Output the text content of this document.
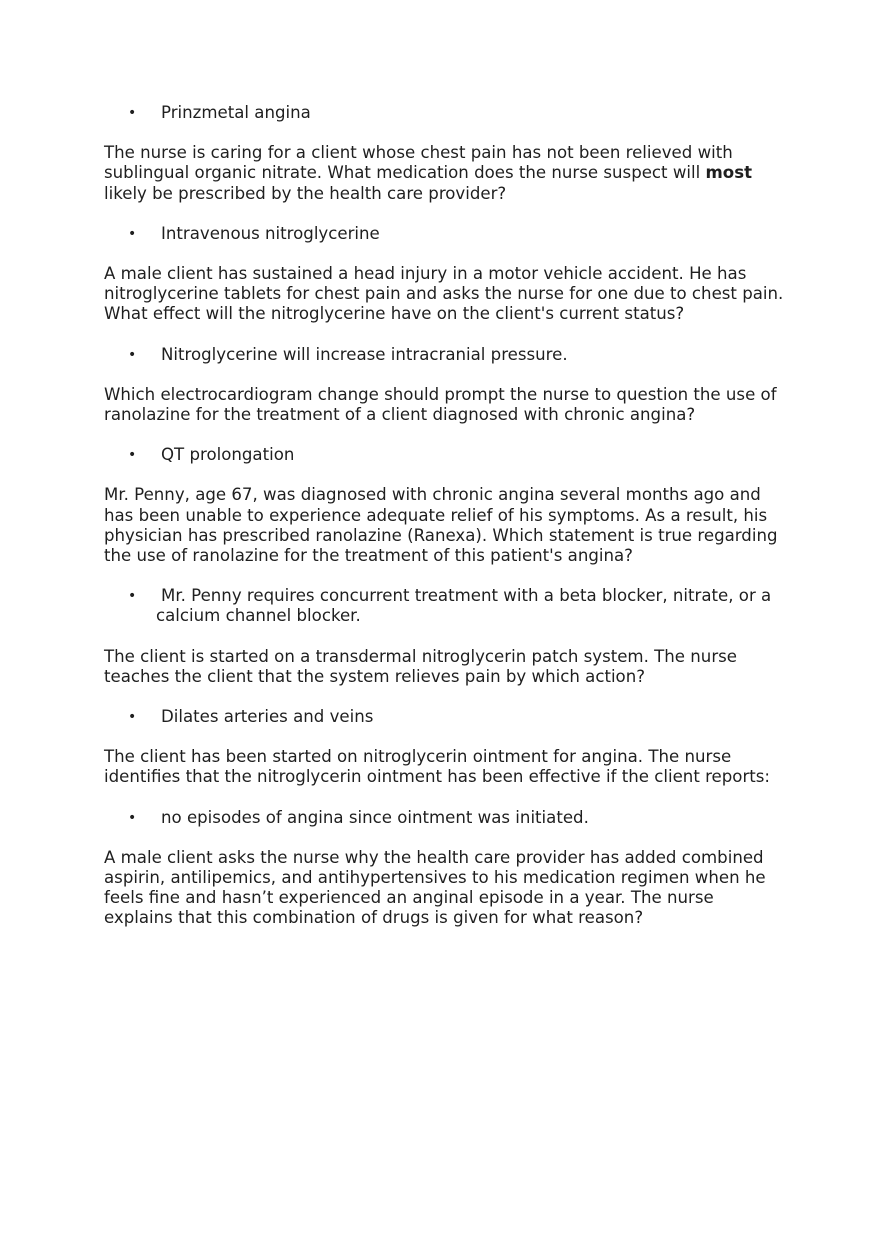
• Prinzmetal angina

The nurse is caring for a client whose chest pain has not been relieved with sublingual organic nitrate. What medication does the nurse suspect will most likely be prescribed by the health care provider?

• Intravenous nitroglycerine

A male client has sustained a head injury in a motor vehicle accident. He has nitroglycerine tablets for chest pain and asks the nurse for one due to chest pain. What effect will the nitroglycerine have on the client's current status?

• Nitroglycerine will increase intracranial pressure.

Which electrocardiogram change should prompt the nurse to question the use of ranolazine for the treatment of a client diagnosed with chronic angina?

• QT prolongation

Mr. Penny, age 67, was diagnosed with chronic angina several months ago and has been unable to experience adequate relief of his symptoms. As a result, his physician has prescribed ranolazine (Ranexa). Which statement is true regarding the use of ranolazine for the treatment of this patient's angina?

• Mr. Penny requires concurrent treatment with a beta blocker, nitrate, or a calcium channel blocker.

The client is started on a transdermal nitroglycerin patch system. The nurse teaches the client that the system relieves pain by which action?

• Dilates arteries and veins

The client has been started on nitroglycerin ointment for angina. The nurse identifies that the nitroglycerin ointment has been effective if the client reports:

• no episodes of angina since ointment was initiated.

A male client asks the nurse why the health care provider has added combined aspirin, antilipemics, and antihypertensives to his medication regimen when he feels fine and hasn’t experienced an anginal episode in a year. The nurse explains that this combination of drugs is given for what reason?
